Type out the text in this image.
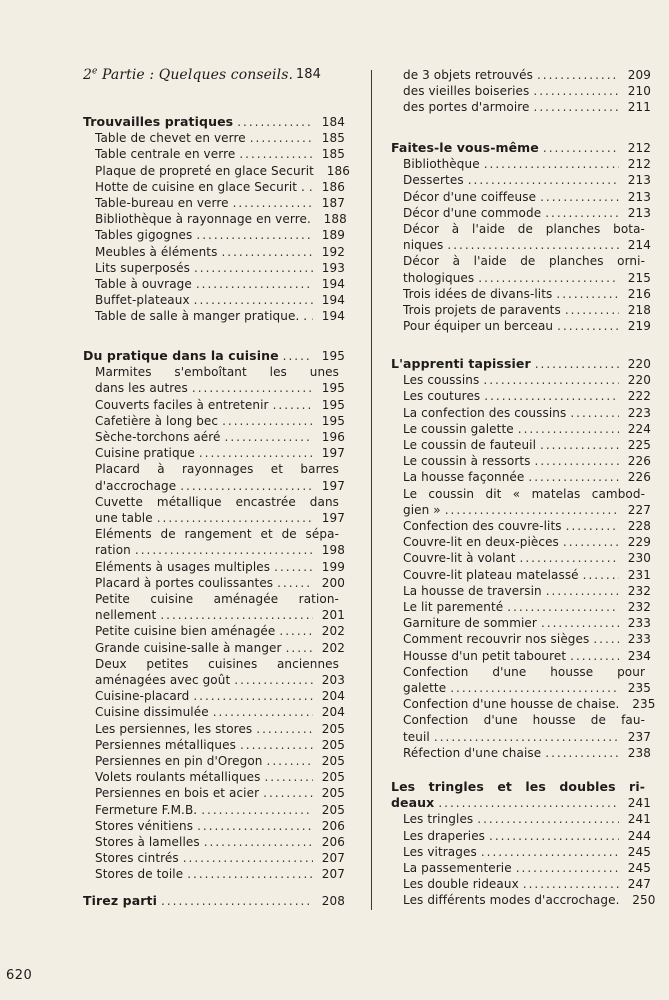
2e Partie : Quelques conseils. 184
Trouvailles pratiques .....	184
Table de chevet en verre .....	185
Table centrale en verre .....	185
Plaque de propreté en glace Securit	186
Hotte de cuisine en glace Securit . .....	186
Table-bureau en verre .....	187
Bibliothèque à rayonnage en verre.	188
Tables gigognes .....	189
Meubles à éléments .....	192
Lits superposés .....	193
Table à ouvrage .....	194
Buffet-plateaux .....	194
Table de salle à manger pratique. . .....	194
Du pratique dans la cuisine .....	195
Marmites s'emboîtant les unes
dans les autres .....	195
Couverts faciles à entretenir .....	195
Cafetière à long bec .....	195
Sèche-torchons aéré .....	196
Cuisine pratique .....	197
Placard à rayonnages et barres
d'accrochage .....	197
Cuvette métallique encastrée dans
une table .....	197
Eléments de rangement et de sépa-
ration .....	198
Eléments à usages multiples .....	199
Placard à portes coulissantes .....	200
Petite cuisine aménagée ration-
nellement .....	201
Petite cuisine bien aménagée .....	202
Grande cuisine-salle à manger .....	202
Deux petites cuisines anciennes
aménagées avec goût .....	203
Cuisine-placard .....	204
Cuisine dissimulée .....	204
Les persiennes, les stores .....	205
Persiennes métalliques .....	205
Persiennes en pin d'Oregon .....	205
Volets roulants métalliques .....	205
Persiennes en bois et acier .....	205
Fermeture F.M.B. .....	205
Stores vénitiens .....	206
Stores à lamelles .....	206
Stores cintrés .....	207
Stores de toile .....	207
Tirez parti .....	208
de 3 objets retrouvés .....	209
des vieilles boiseries .....	210
des portes d'armoire .....	211
Faites-le vous-même .....	212
Bibliothèque .....	212
Dessertes .....	213
Décor d'une coiffeuse .....	213
Décor d'une commode .....	213
Décor à l'aide de planches bota-
niques .....	214
Décor à l'aide de planches orni-
thologiques .....	215
Trois idées de divans-lits .....	216
Trois projets de paravents .....	218
Pour équiper un berceau .....	219
L'apprenti tapissier .....	220
Les coussins .....	220
Les coutures .....	222
La confection des coussins .....	223
Le coussin galette .....	224
Le coussin de fauteuil .....	225
Le coussin à ressorts .....	226
La housse façonnée .....	226
Le coussin dit « matelas cambod-
gien » .....	227
Confection des couvre-lits .....	228
Couvre-lit en deux-pièces .....	229
Couvre-lit à volant .....	230
Couvre-lit plateau matelassé .....	231
La housse de traversin .....	232
Le lit parementé .....	232
Garniture de sommier .....	233
Comment recouvrir nos sièges .....	233
Housse d'un petit tabouret .....	234
Confection d'une housse pour
galette .....	235
Confection d'une housse de chaise.	235
Confection d'une housse de fau-
teuil .....	237
Réfection d'une chaise .....	238
Les tringles et les doubles ri-
deaux .....	241
Les tringles .....	241
Les draperies .....	244
Les vitrages .....	245
La passementerie .....	245
Les double rideaux .....	247
Les différents modes d'accrochage.	250
620
